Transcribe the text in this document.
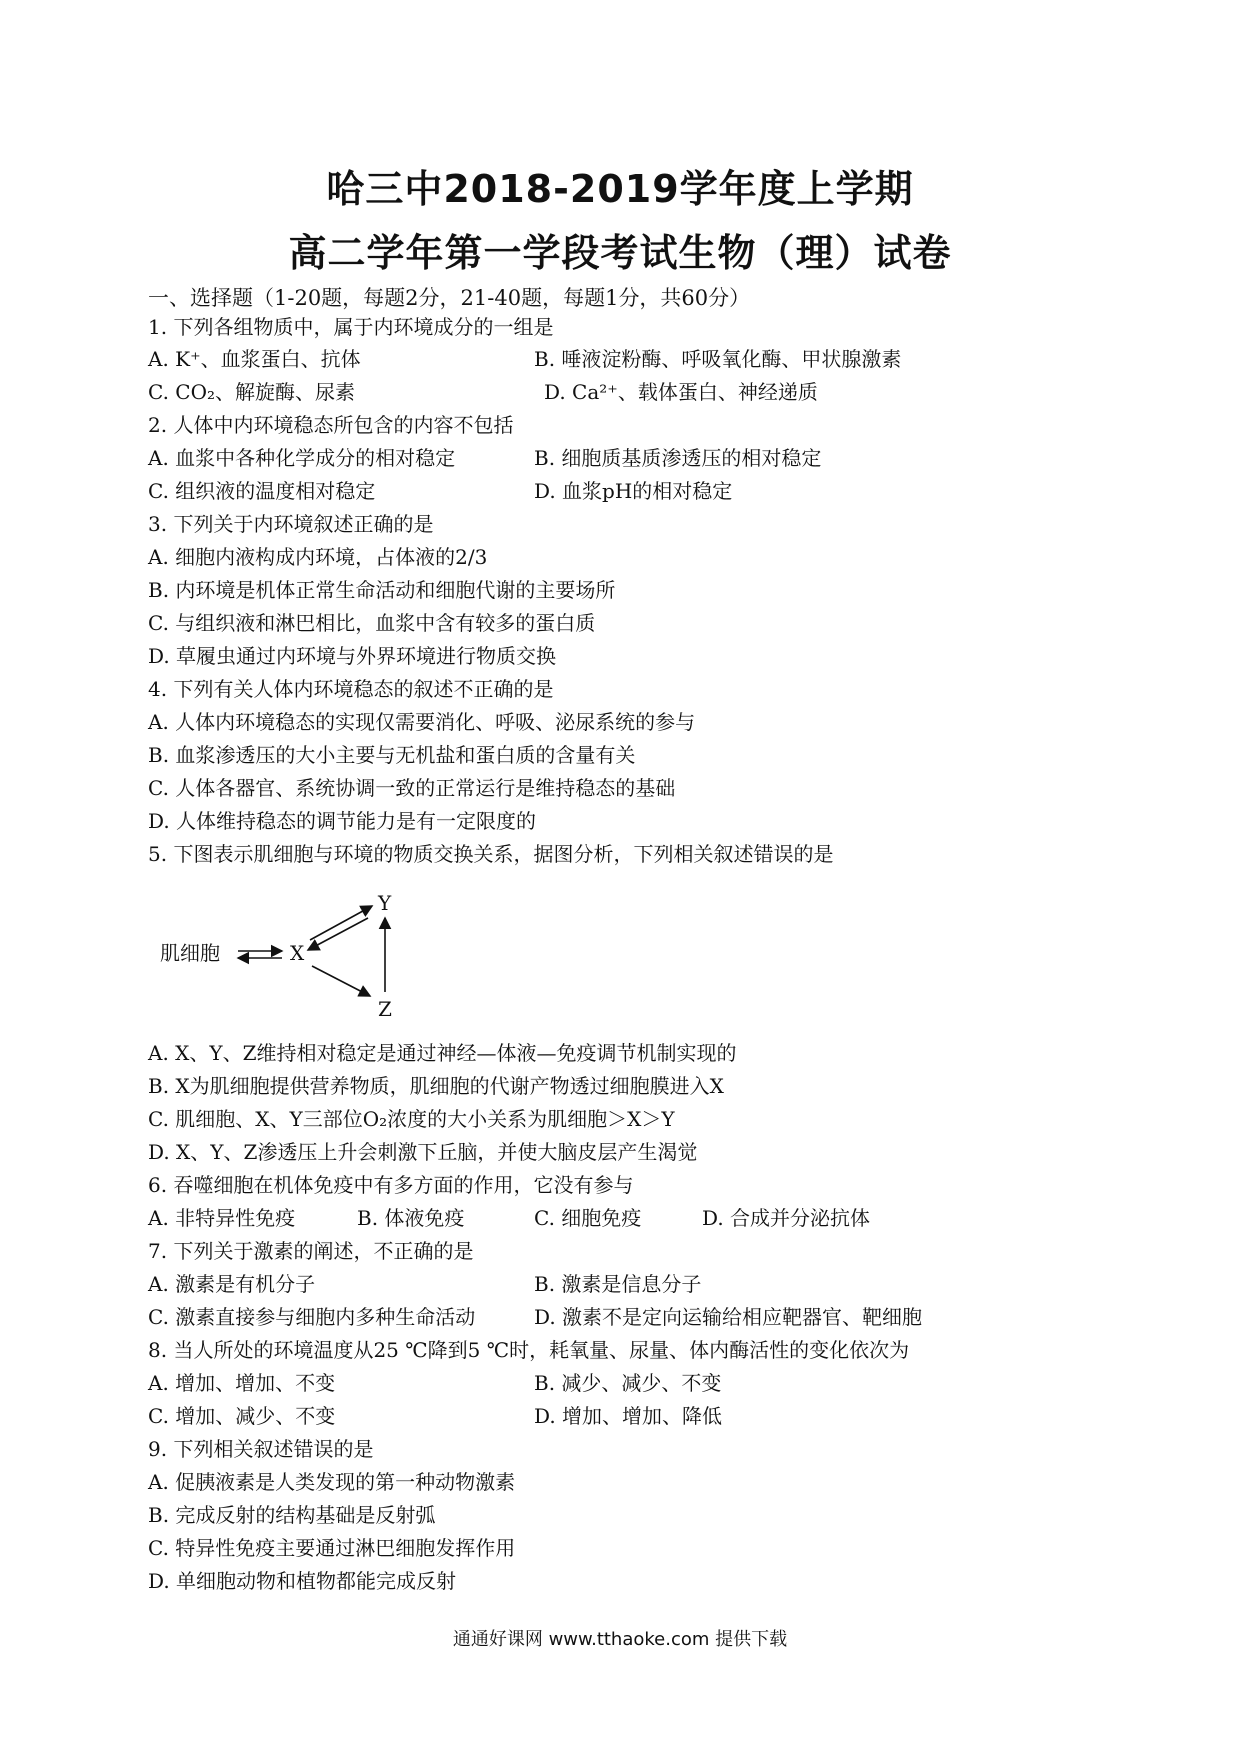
哈三中2018-2019学年度上学期
高二学年第一学段考试生物（理）试卷
一、选择题（1-20题，每题2分，21-40题，每题1分，共60分）
1. 下列各组物质中，属于内环境成分的一组是
A. K⁺、血浆蛋白、抗体	B. 唾液淀粉酶、呼吸氧化酶、甲状腺激素
C. CO₂、解旋酶、尿素	D. Ca²⁺、载体蛋白、神经递质
2. 人体中内环境稳态所包含的内容不包括
A. 血浆中各种化学成分的相对稳定	B. 细胞质基质渗透压的相对稳定
C. 组织液的温度相对稳定	D. 血浆pH的相对稳定
3. 下列关于内环境叙述正确的是
A. 细胞内液构成内环境，占体液的2/3
B. 内环境是机体正常生命活动和细胞代谢的主要场所
C. 与组织液和淋巴相比，血浆中含有较多的蛋白质
D. 草履虫通过内环境与外界环境进行物质交换
4. 下列有关人体内环境稳态的叙述不正确的是
A. 人体内环境稳态的实现仅需要消化、呼吸、泌尿系统的参与
B. 血浆渗透压的大小主要与无机盐和蛋白质的含量有关
C. 人体各器官、系统协调一致的正常运行是维持稳态的基础
D. 人体维持稳态的调节能力是有一定限度的
5. 下图表示肌细胞与环境的物质交换关系，据图分析，下列相关叙述错误的是
肌细胞	X
Y
Z
A. X、Y、Z维持相对稳定是通过神经—体液—免疫调节机制实现的
B. X为肌细胞提供营养物质，肌细胞的代谢产物透过细胞膜进入X
C. 肌细胞、X、Y三部位O₂浓度的大小关系为肌细胞＞X＞Y
D. X、Y、Z渗透压上升会刺激下丘脑，并使大脑皮层产生渴觉
6. 吞噬细胞在机体免疫中有多方面的作用，它没有参与
A. 非特异性免疫	B. 体液免疫	C. 细胞免疫	D. 合成并分泌抗体
7. 下列关于激素的阐述，不正确的是
A. 激素是有机分子	B. 激素是信息分子
C. 激素直接参与细胞内多种生命活动	D. 激素不是定向运输给相应靶器官、靶细胞
8. 当人所处的环境温度从25 ℃降到5 ℃时，耗氧量、尿量、体内酶活性的变化依次为
A. 增加、增加、不变	B. 减少、减少、不变
C. 增加、减少、不变	D. 增加、增加、降低
9. 下列相关叙述错误的是
A. 促胰液素是人类发现的第一种动物激素
B. 完成反射的结构基础是反射弧
C. 特异性免疫主要通过淋巴细胞发挥作用
D. 单细胞动物和植物都能完成反射
通通好课网 www.tthaoke.com 提供下载
